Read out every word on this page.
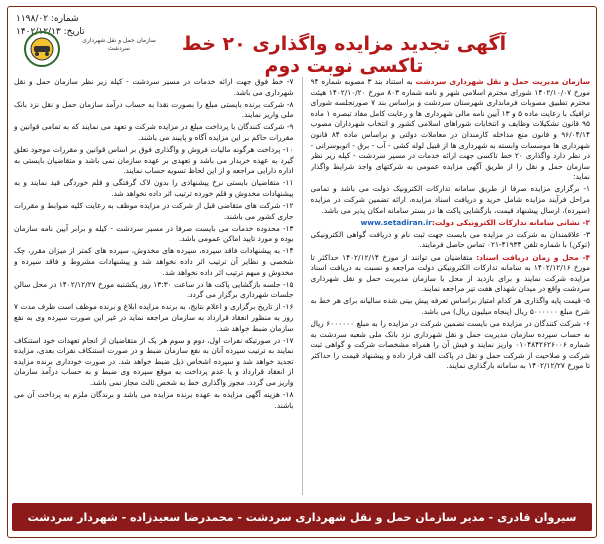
شماره: ۱۱۹۸/۰۲
تاریخ: ۱۴۰۲/۱۲/۱۳
سازمان حمل و نقل شهرداری سردشت	آگهی تجدید مزایده واگذاری ۲۰ خط تاکسی نوبت دوم

سازمان مدیریت حمل و نقل شهرداری سردشت به استناد بند ۳ مصوبه شماره ۹۴ مورخ ۱۴۰۲/۱۰/۰۷ شورای محترم اسلامی شهر و نامه شماره ۸۰۳ مورخ ۱۴۰۲/۱۰/۲۰ هیئت محترم تطبیق مصوبات فرمانداری شهرستان سردشت و براساس بند ۷ صورتجلسه شورای ترافیک با رعایت ماده ۵ و ۱۳ آیین نامه مالی شهرداری ها و رعایت کامل مفاد تبصره ۱ ماده ۹۵ قانون تشکیلات وظایف و انتخابات شوراهای اسلامی کشور و انتخاب شهرداران مصوب ۹۶/۰۴/۱۴ و قانون منع مداخله کارمندان در معاملات دولتی و براساس ماده ۸۴ قانون شهرداری ها موسسات وابسته به شهرداری ها از قبیل لوله کشی - آب - برق - اتوبوسرانی - در نظر دارد واگذاری ۲۰ خط تاکسی جهت ارائه خدمات در مسیر سردشت - کیله زیر نظر سازمان حمل و نقل را از طریق آگهی مزایده عمومی به شرکتهای واجد شرایط واگذار نماید:

۱- برگزاری مزایده صرفا از طریق سامانه تدارکات الکترونیک دولت می باشد و تمامی مراحل فرآیند مزایده شامل خرید و دریافت اسناد مزایده، ارائه تضمین شرکت در مزایده (سپرده)، ارسال پیشنهاد قیمت، بازگشایی پاکت ها در بستر سامانه امکان پذیر می باشد.

۲- نشانی سامانه تدارکات الکترونیکی دولت: www.setadiran.ir

۳- علاقمندان به شرکت در مزایده می بایست جهت ثبت نام و دریافت گواهی الکترونیکی (توکن) با شماره تلفن ۴۱۹۳۴-۰۲۱ تماس حاصل فرمایند.

۴- محل و زمان دریافت اسناد: متقاضیان می توانند از مورخ ۱۴۰۲/۱۲/۱۴ حداکثر تا مورخ ۱۴۰۲/۱۲/۱۶ به سامانه تدارکات الکترونیکی دولت مراجعه و نسبت به دریافت اسناد مزایده شرکت نمایند و برای بازدید از محل با سازمان مدیریت حمل و نقل شهرداری سردشت واقع در میدان شهدای هفت تیر مراجعه نمایند.

۵- قیمت پایه واگذاری هر کدام امتیاز براساس تعرفه پیش بینی شده سالیانه برای هر خط به شرح مبلغ ۵۰۰۰۰۰۰ ریال (پنجاه میلیون ریال) می باشد.

۶- شرکت کنندگان در مزایده می بایست تضمین شرکت در مزایده را به مبلغ ۶۰۰۰۰۰۰ ریال به حساب سپرده سازمان مدیریت حمل و نقل شهرداری نزد بانک ملی شعبه سردشت به شماره ۰۱۰۴۸۴۲۶۲۶۰۰۶ واریز نمایند و فیش آن را همراه مشخصات شرکت و گواهی ثبت شرکت و صلاحیت از شرکت حمل و نقل در پاکت الف قرار داده و پیشنهاد قیمت را حداکثر تا مورخ ۱۴۰۲/۱۲/۲۷ به سامانه بارگذاری نمایند.

۷- خط فوق جهت ارائه خدمات در مسیر سردشت - کیله زیر نظر سازمان حمل و نقل شهرداری می باشد.

۸- شرکت برنده بایستی مبلغ را بصورت نقدا به حساب درآمد سازمان حمل و نقل نزد بانک ملی واریز نمایند.

۹- شرکت کنندگان با پرداخت مبلغ در مزایده شرکت و تعهد می نمایند که به تمامی قوانین و مقررات حاکم بر این مزایده آگاه و پایبند می باشند.

۱۰- پرداخت هرگونه مالیات فروش و واگذاری فوق بر اساس قوانین و مقررات موجود تعلق گیرد به عهده خریدار می باشد و تعهدی بر عهده سازمان نمی باشد و متقاضیان بایستی به اداره دارایی مراجعه و از این لحاظ تسویه حساب نمایند.

۱۱- متقاضیان بایستی نرخ پیشنهادی را بدون لاک گرفتگی و قلم خوردگی قید نمایند و به پیشنهادات مخدوش و قلم خورده ترتیب اثر داده نخواهد شد.

۱۲- شرکت های متقاضی قبل از شرکت در مزایده موظف به رعایت کلیه ضوابط و مقررات جاری کشور می باشند.

۱۳- محدوده خدمات می بایست صرفا در مسیر سردشت - کیله و برابر آیین نامه سازمان بوده و مورد تایید اماکن عمومی باشد.

۱۴- به پیشنهادات فاقد سپرده، سپرده های مخدوش، سپرده های کمتر از میزان مقرر، چک شخصی و نظایر آن ترتیب اثر داده نخواهد شد و پیشنهادات مشروط و فاقد سپرده و مخدوش و مبهم ترتیب اثر داده نخواهد شد.

۱۵- جلسه بازگشایی پاکت ها در ساعت ۱۳:۳۰ روز یکشنبه مورخ ۱۴۰۲/۱۲/۲۷ در محل سالن جلسات شهرداری برگزار می گردد.

۱۶- از تاریخ برگزاری و اعلام نتایج، به برنده مزایده ابلاغ و برنده موظف است ظرف مدت ۷ روز به منظور انعقاد قرارداد به سازمان مراجعه نماید در غیر این صورت سپرده وی به نفع سازمان ضبط خواهد شد.

۱۷- در صورتیکه نفرات اول، دوم و سوم هر یک از متقاضیان از انجام تعهدات خود استنکاف نمایند به ترتیب سپرده آنان به نفع سازمان ضبط و در صورت استنکاف نفرات بعدی، مزایده تجدید خواهد شد و سپرده اشخاص ذیل ضبط خواهد شد. در صورت خودداری برنده مزایده از انعقاد قرارداد و یا عدم پرداخت به موقع سپرده وی ضبط و به حساب درآمد سازمان واریز می گردد. مجوز واگذاری خط به شخص ثالث مجاز نمی باشد.

۱۸- هزینه آگهی مزایده به عهده برنده مزایده می باشد و برندگان ملزم به پرداخت آن می باشند.

سیروان قادری - مدیر سازمان حمل و نقل شهرداری سردشت - محمدرضا سعیدزاده - شهردار سردشت
